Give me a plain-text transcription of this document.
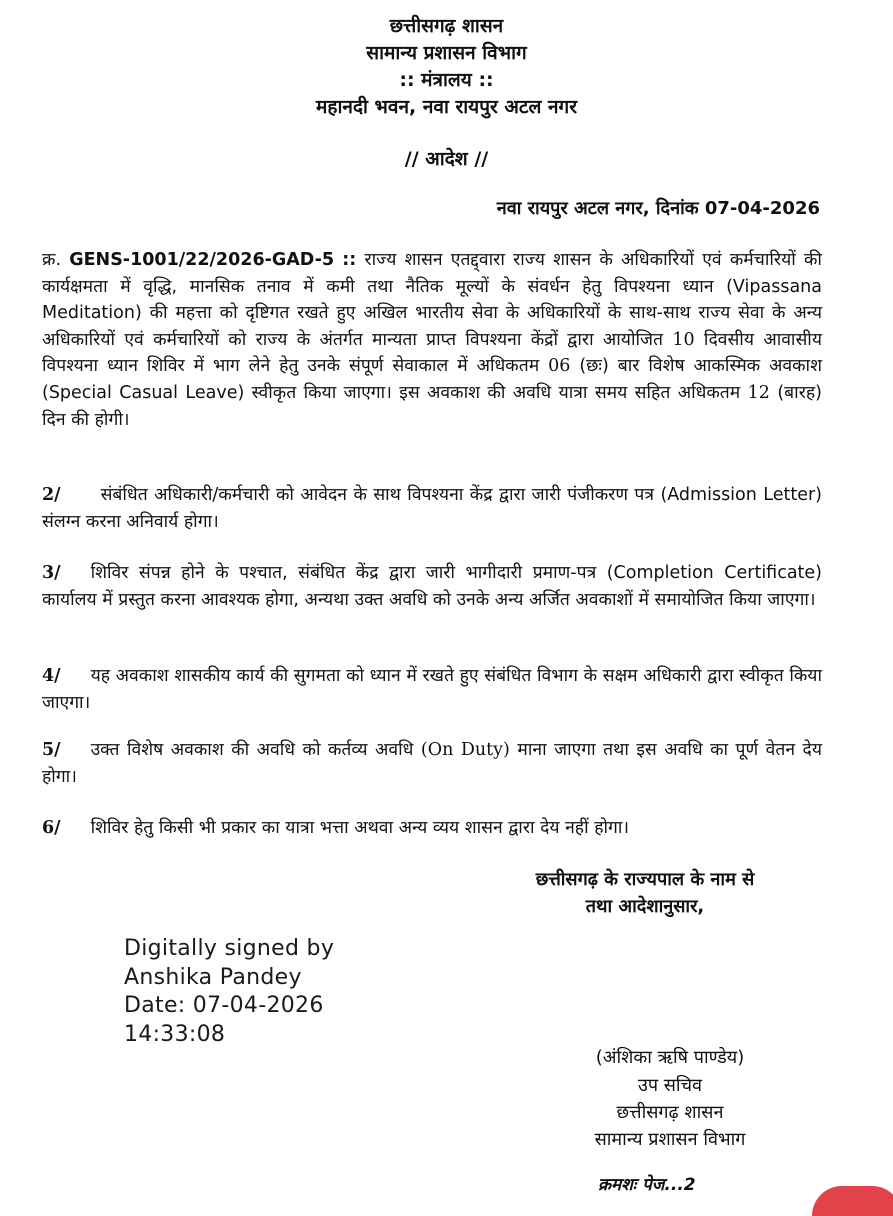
छत्तीसगढ़ शासन
सामान्य प्रशासन विभाग
:: मंत्रालय ::
महानदी भवन, नवा रायपुर अटल नगर
// आदेश //
नवा रायपुर अटल नगर, दिनांक 07-04-2026
क्र. GENS-1001/22/2026-GAD-5 :: राज्य शासन एतद्द्वारा राज्य शासन के अधिकारियों एवं कर्मचारियों की कार्यक्षमता में वृद्धि, मानसिक तनाव में कमी तथा नैतिक मूल्यों के संवर्धन हेतु विपश्यना ध्यान (Vipassana Meditation) की महत्ता को दृष्टिगत रखते हुए अखिल भारतीय सेवा के अधिकारियों के साथ-साथ राज्य सेवा के अन्य अधिकारियों एवं कर्मचारियों को राज्य के अंतर्गत मान्यता प्राप्त विपश्यना केंद्रों द्वारा आयोजित 10 दिवसीय आवासीय विपश्यना ध्यान शिविर में भाग लेने हेतु उनके संपूर्ण सेवाकाल में अधिकतम 06 (छः) बार विशेष आकस्मिक अवकाश (Special Casual Leave) स्वीकृत किया जाएगा। इस अवकाश की अवधि यात्रा समय सहित अधिकतम 12 (बारह) दिन की होगी।
2/ संबंधित अधिकारी/कर्मचारी को आवेदन के साथ विपश्यना केंद्र द्वारा जारी पंजीकरण पत्र (Admission Letter) संलग्न करना अनिवार्य होगा।
3/ शिविर संपन्न होने के पश्चात, संबंधित केंद्र द्वारा जारी भागीदारी प्रमाण-पत्र (Completion Certificate) कार्यालय में प्रस्तुत करना आवश्यक होगा, अन्यथा उक्त अवधि को उनके अन्य अर्जित अवकाशों में समायोजित किया जाएगा।
4/ यह अवकाश शासकीय कार्य की सुगमता को ध्यान में रखते हुए संबंधित विभाग के सक्षम अधिकारी द्वारा स्वीकृत किया जाएगा।
5/ उक्त विशेष अवकाश की अवधि को कर्तव्य अवधि (On Duty) माना जाएगा तथा इस अवधि का पूर्ण वेतन देय होगा।
6/ शिविर हेतु किसी भी प्रकार का यात्रा भत्ता अथवा अन्य व्यय शासन द्वारा देय नहीं होगा।
छत्तीसगढ़ के राज्यपाल के नाम से
तथा आदेशानुसार,
Digitally signed by
Anshika Pandey
Date: 07-04-2026
14:33:08
(अंशिका ऋषि पाण्डेय)
उप सचिव
छत्तीसगढ़ शासन
सामान्य प्रशासन विभाग
क्रमशः पेज...2
